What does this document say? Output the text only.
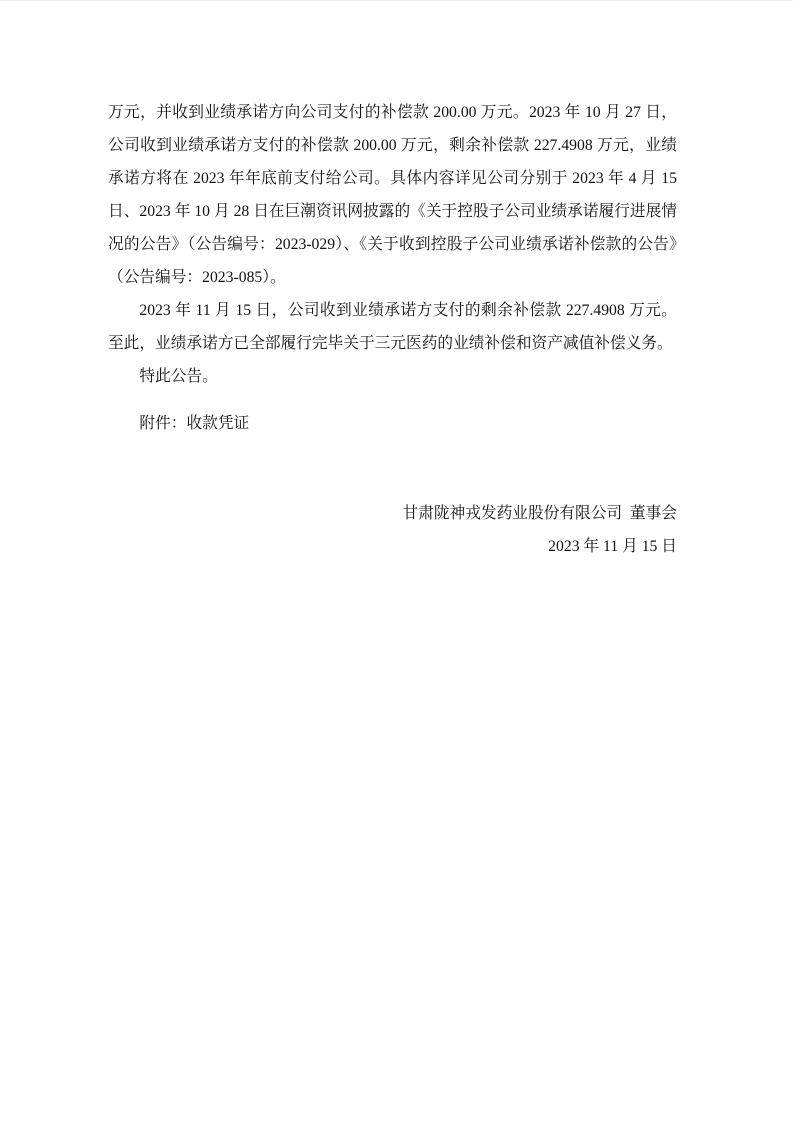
万元，并收到业绩承诺方向公司支付的补偿款 200.00 万元。2023 年 10 月 27 日，公司收到业绩承诺方支付的补偿款 200.00 万元，剩余补偿款 227.4908 万元，业绩承诺方将在 2023 年年底前支付给公司。具体内容详见公司分别于 2023 年 4 月 15 日、2023 年 10 月 28 日在巨潮资讯网披露的《关于控股子公司业绩承诺履行进展情况的公告》（公告编号：2023-029）、《关于收到控股子公司业绩承诺补偿款的公告》（公告编号：2023-085）。

2023 年 11 月 15 日，公司收到业绩承诺方支付的剩余补偿款 227.4908 万元。至此，业绩承诺方已全部履行完毕关于三元医药的业绩补偿和资产减值补偿义务。

特此公告。

附件：收款凭证

甘肃陇神戎发药业股份有限公司 董事会

2023 年 11 月 15 日
